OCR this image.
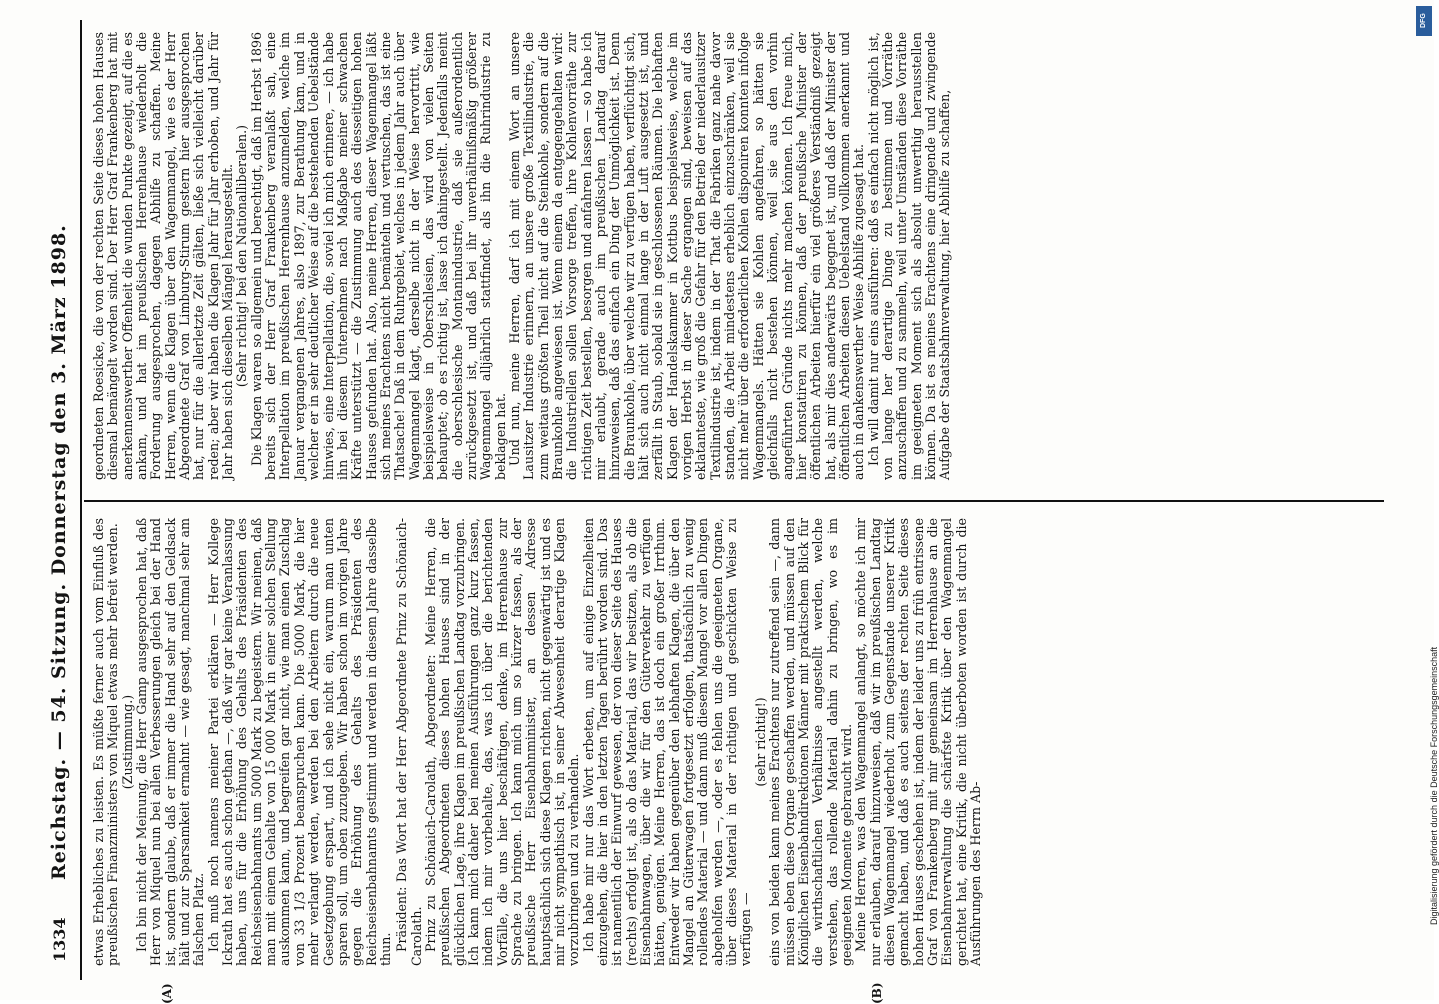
1334
Reichstag. — 54. Sitzung. Donnerstag den 3. März 1898.
(A)	(B)

etwas Erhebliches zu leisten. Es müßte ferner auch vom Einfluß des preußischen Finanzministers von Miquel etwas mehr befreit werden. (Zustimmung.) Ich bin nicht der Meinung, die Herr Gamp ausgesprochen hat, daß Herr von Miquel nun bei allen Verbesserungen gleich bei der Hand ist, sondern glaube, daß er immer die Hand sehr auf den Geldsack hält und zur Sparsamkeit ermahnt — wie gesagt, manchmal sehr am falschen Platz. Ich muß noch namens meiner Partei erklären — Herr Kollege Ickrath hat es auch schon gethan —, daß wir gar keine Veranlassung haben, uns für die Erhöhung des Gehalts des Präsidenten des Reichseisenbahnamts um 5000 Mark zu begeistern. Wir meinen, daß man mit einem Gehalte von 15 000 Mark in einer solchen Stellung auskommen kann, und begreifen gar nicht, wie man einen Zuschlag von 33 1/3 Prozent beanspruchen kann. Die 5000 Mark, die hier mehr verlangt werden, werden bei den Arbeitern durch die neue Gesetzgebung erspart, und ich sehe nicht ein, warum man unten sparen soll, um oben zuzugeben. Wir haben schon im vorigen Jahre gegen die Erhöhung des Gehalts des Präsidenten des Reichseisenbahnamts gestimmt und werden in diesem Jahre dasselbe thun. Präsident: Das Wort hat der Herr Abgeordnete Prinz zu Schönaich-Carolath. Prinz zu Schönaich-Carolath, Abgeordneter: Meine Herren, die preußischen Abgeordneten dieses hohen Hauses sind in der glücklichen Lage, ihre Klagen im preußischen Landtag vorzubringen. Ich kann mich daher bei meinen Ausführungen ganz kurz fassen, indem ich mir vorbehalte, das, was ich über die berichtenden Vorfälle, die uns hier beschäftigen, denke, im Herrenhause zur Sprache zu bringen. Ich kann mich um so kürzer fassen, als der preußische Herr Eisenbahnminister, an dessen Adresse hauptsächlich sich diese Klagen richten, nicht gegenwärtig ist und es mir nicht sympathisch ist, in seiner Abwesenheit derartige Klagen vorzubringen und zu verhandeln. Ich habe mir nur das Wort erbeten, um auf einige Einzelheiten einzugehen, die hier in den letzten Tagen berührt worden sind. Das ist namentlich der Einwurf gewesen, der von dieser Seite des Hauses (rechts) erfolgt ist, als ob das Material, das wir besitzen, als ob die Eisenbahnwagen, über die wir für den Güterverkehr zu verfügen hätten, genügen. Meine Herren, das ist doch ein großer Irrthum. Entweder wir haben gegenüber den lebhaften Klagen, die über den Mangel an Güterwagen fortgesetzt erfolgen, thatsächlich zu wenig rollendes Material — und dann muß diesem Mangel vor allen Dingen abgeholfen werden —, oder es fehlen uns die geeigneten Organe, über dieses Material in der richtigen und geschickten Weise zu verfügen —

(sehr richtig!) eins von beiden kann meines Erachtens nur zutreffend sein —, dann müssen eben diese Organe geschaffen werden, und müssen auf den Königlichen Eisenbahndirektionen Männer mit praktischem Blick für die wirthschaftlichen Verhältnisse angestellt werden, welche verstehen, das rollende Material dahin zu bringen, wo es im geeigneten Momente gebraucht wird. Meine Herren, was den Wagenmangel anlangt, so möchte ich mir nur erlauben, darauf hinzuweisen, daß wir im preußischen Landtag diesen Wagenmangel wiederholt zum Gegenstande unserer Kritik gemacht haben, und daß es auch seitens der rechten Seite dieses hohen Hauses geschehen ist, indem der leider uns zu früh entrissene Graf von Frankenberg mit mir gemeinsam im Herrenhause an die Eisenbahnverwaltung die schärfste Kritik über den Wagenmangel gerichtet hat, eine Kritik, die nicht überboten worden ist durch die Ausführungen des Herrn Ab-

geordneten Roesicke, die von der rechten Seite dieses hohen Hauses diesmal bemängelt worden sind. Der Herr Graf Frankenberg hat mit anerkennenswerther Offenheit die wunden Punkte gezeigt, auf die es ankam, und hat im preußischen Herrenhause wiederholt die Forderung ausgesprochen, dagegen Abhilfe zu schaffen. Meine Herren, wenn die Klagen über den Wagenmangel, wie es der Herr Abgeordnete Graf von Limburg-Stirum gestern hier ausgesprochen hat, nur für die allerletzte Zeit gälten, ließe sich vielleicht darüber reden; aber wir haben die Klagen Jahr für Jahr erhoben, und Jahr für Jahr haben sich dieselben Mängel herausgestellt. (Sehr richtig! bei den Nationalliberalen.) Die Klagen waren so allgemein und berechtigt, daß im Herbst 1896 bereits sich der Herr Graf Frankenberg veranlaßt sah, eine Interpellation im preußischen Herrenhause anzumelden, welche im Januar vergangenen Jahres, also 1897, zur Berathung kam, und in welcher er in sehr deutlicher Weise auf die bestehenden Uebelstände hinwies, eine Interpellation, die, soviel ich mich erinnere, — ich habe ihn bei diesem Unternehmen nach Maßgabe meiner schwachen Kräfte unterstützt — die Zustimmung auch des diesseitigen hohen Hauses gefunden hat. Also, meine Herren, dieser Wagenmangel läßt sich meines Erachtens nicht bemänteln und vertuschen, das ist eine Thatsache! Daß in dem Ruhrgebiet, welches in jedem Jahr auch über Wagenmangel klagt, derselbe nicht in der Weise hervortritt, wie beispielsweise in Oberschlesien, das wird von vielen Seiten behauptet; ob es richtig ist, lasse ich dahingestellt. Jedenfalls meint die oberschlesische Montanindustrie, daß sie außerordentlich zurückgesetzt ist, und daß bei ihr unverhältnißmäßig größerer Wagenmangel alljährlich stattfindet, als ihn die Ruhrindustrie zu beklagen hat. Und nun, meine Herren, darf ich mit einem Wort an unsere Lausitzer Industrie erinnern, an unsere große Textilindustrie, die zum weitaus größten Theil nicht auf die Steinkohle, sondern auf die Braunkohle angewiesen ist. Wenn einem da entgegengehalten wird: die Industriellen sollen Vorsorge treffen, ihre Kohlenvorräthe zur richtigen Zeit bestellen, besorgen und anfahren lassen — so habe ich mir erlaubt, gerade auch im preußischen Landtag darauf hinzuweisen, daß das einfach ein Ding der Unmöglichkeit ist. Denn die Braunkohle, über welche wir zu verfügen haben, verflüchtigt sich, hält sich auch nicht einmal lange in der Luft ausgesetzt ist, und zerfällt in Staub, sobald sie in geschlossenen Räumen. Die lebhaften Klagen der Handelskammer in Kottbus beispielsweise, welche im vorigen Herbst in dieser Sache ergangen sind, beweisen auf das eklatanteste, wie groß die Gefahr für den Betrieb der niederlausitzer Textilindustrie ist, indem in der That die Fabriken ganz nahe davor standen, die Arbeit mindestens erheblich einzuschränken, weil sie nicht mehr über die erforderlichen Kohlen disponiren konnten infolge Wagenmangels. Hätten sie Kohlen angefahren, so hätten sie gleichfalls nicht bestehen können, weil sie aus den vorhin angeführten Gründe nichts mehr machen können. Ich freue mich, hier konstatiren zu können, daß der preußische Minister der öffentlichen Arbeiten hierfür ein viel größeres Verständniß gezeigt hat, als mir dies anderwärts begegnet ist, und daß der Minister der öffentlichen Arbeiten diesen Uebelstand vollkommen anerkannt und auch in dankenswerther Weise Abhilfe zugesagt hat. Ich will damit nur eins ausführen: daß es einfach nicht möglich ist, von lange her derartige Dinge zu bestimmen und Vorräthe anzuschaffen und zu sammeln, weil unter Umständen diese Vorräthe im geeigneten Moment sich als absolut unwerthig herausstellen können. Da ist es meines Erachtens eine dringende und zwingende Aufgabe der Staatsbahnverwaltung, hier Abhilfe zu schaffen,

DFG
Digitalisierung gefördert durch die Deutsche Forschungsgemeinschaft
